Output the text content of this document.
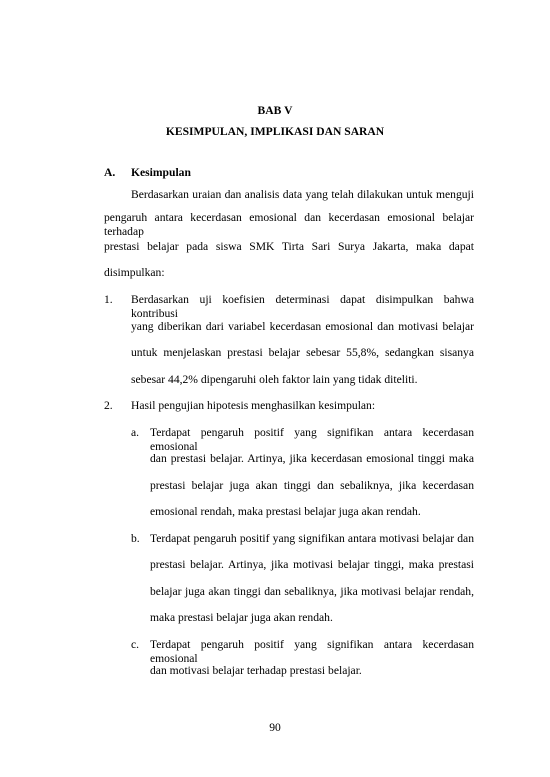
BAB V
KESIMPULAN, IMPLIKASI DAN SARAN
A. Kesimpulan
Berdasarkan uraian dan analisis data yang telah dilakukan untuk menguji
pengaruh antara kecerdasan emosional dan kecerdasan emosional belajar terhadap
prestasi belajar pada siswa SMK Tirta Sari Surya Jakarta, maka dapat
disimpulkan:
1. Berdasarkan uji koefisien determinasi dapat disimpulkan bahwa kontribusi
yang diberikan dari variabel kecerdasan emosional dan motivasi belajar
untuk menjelaskan prestasi belajar sebesar 55,8%, sedangkan sisanya
sebesar 44,2% dipengaruhi oleh faktor lain yang tidak diteliti.
2. Hasil pengujian hipotesis menghasilkan kesimpulan:
a. Terdapat pengaruh positif yang signifikan antara kecerdasan emosional
dan prestasi belajar. Artinya, jika kecerdasan emosional tinggi maka
prestasi belajar juga akan tinggi dan sebaliknya, jika kecerdasan
emosional rendah, maka prestasi belajar juga akan rendah.
b. Terdapat pengaruh positif yang signifikan antara motivasi belajar dan
prestasi belajar. Artinya, jika motivasi belajar tinggi, maka prestasi
belajar juga akan tinggi dan sebaliknya, jika motivasi belajar rendah,
maka prestasi belajar juga akan rendah.
c. Terdapat pengaruh positif yang signifikan antara kecerdasan emosional
dan motivasi belajar terhadap prestasi belajar.
90
